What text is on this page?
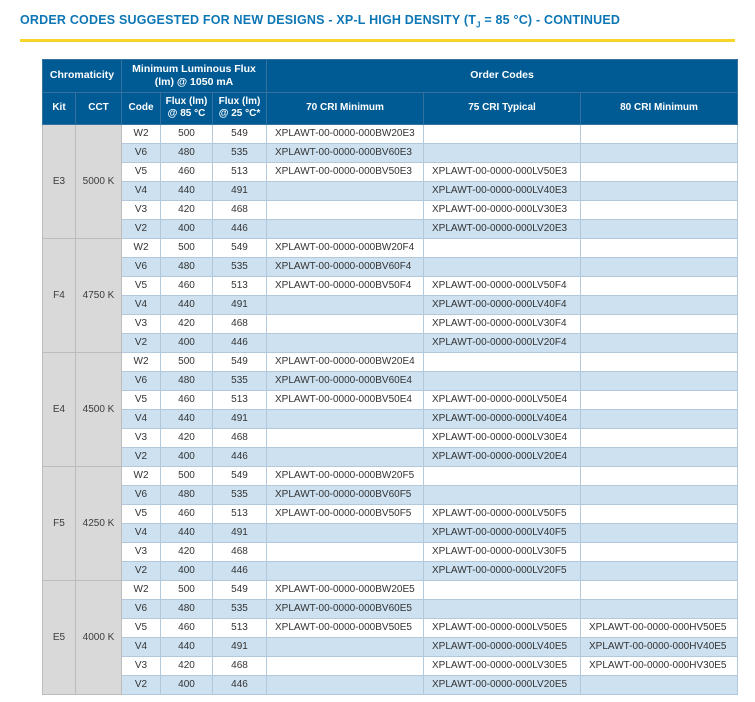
ORDER CODES SUGGESTED FOR NEW DESIGNS - XP-L HIGH DENSITY ($T_J = 85$ °C) - CONTINUED
Chromaticity		Minimum Luminous Flux (lm) @ 1050 mA			Order Codes		
Kit	CCT	Code	Flux (lm) @ 85 °C	Flux (lm) @ 25 °C*	70 CRI Minimum	75 CRI Typical	80 CRI Minimum
E3	5000 K	W2	500	549	XPLAWT-00-0000-000BW20E3		
		V6	480	535	XPLAWT-00-0000-000BV60E3		
		V5	460	513	XPLAWT-00-0000-000BV50E3	XPLAWT-00-0000-000LV50E3	
		V4	440	491		XPLAWT-00-0000-000LV40E3	
		V3	420	468		XPLAWT-00-0000-000LV30E3	
		V2	400	446		XPLAWT-00-0000-000LV20E3	
F4	4750 K	W2	500	549	XPLAWT-00-0000-000BW20F4		
		V6	480	535	XPLAWT-00-0000-000BV60F4		
		V5	460	513	XPLAWT-00-0000-000BV50F4	XPLAWT-00-0000-000LV50F4	
		V4	440	491		XPLAWT-00-0000-000LV40F4	
		V3	420	468		XPLAWT-00-0000-000LV30F4	
		V2	400	446		XPLAWT-00-0000-000LV20F4	
E4	4500 K	W2	500	549	XPLAWT-00-0000-000BW20E4		
		V6	480	535	XPLAWT-00-0000-000BV60E4		
		V5	460	513	XPLAWT-00-0000-000BV50E4	XPLAWT-00-0000-000LV50E4	
		V4	440	491		XPLAWT-00-0000-000LV40E4	
		V3	420	468		XPLAWT-00-0000-000LV30E4	
		V2	400	446		XPLAWT-00-0000-000LV20E4	
F5	4250 K	W2	500	549	XPLAWT-00-0000-000BW20F5		
		V6	480	535	XPLAWT-00-0000-000BV60F5		
		V5	460	513	XPLAWT-00-0000-000BV50F5	XPLAWT-00-0000-000LV50F5	
		V4	440	491		XPLAWT-00-0000-000LV40F5	
		V3	420	468		XPLAWT-00-0000-000LV30F5	
		V2	400	446		XPLAWT-00-0000-000LV20F5	
E5	4000 K	W2	500	549	XPLAWT-00-0000-000BW20E5		
		V6	480	535	XPLAWT-00-0000-000BV60E5		
		V5	460	513	XPLAWT-00-0000-000BV50E5	XPLAWT-00-0000-000LV50E5	XPLAWT-00-0000-000HV50E5
		V4	440	491		XPLAWT-00-0000-000LV40E5	XPLAWT-00-0000-000HV40E5
		V3	420	468		XPLAWT-00-0000-000LV30E5	XPLAWT-00-0000-000HV30E5
		V2	400	446		XPLAWT-00-0000-000LV20E5	
